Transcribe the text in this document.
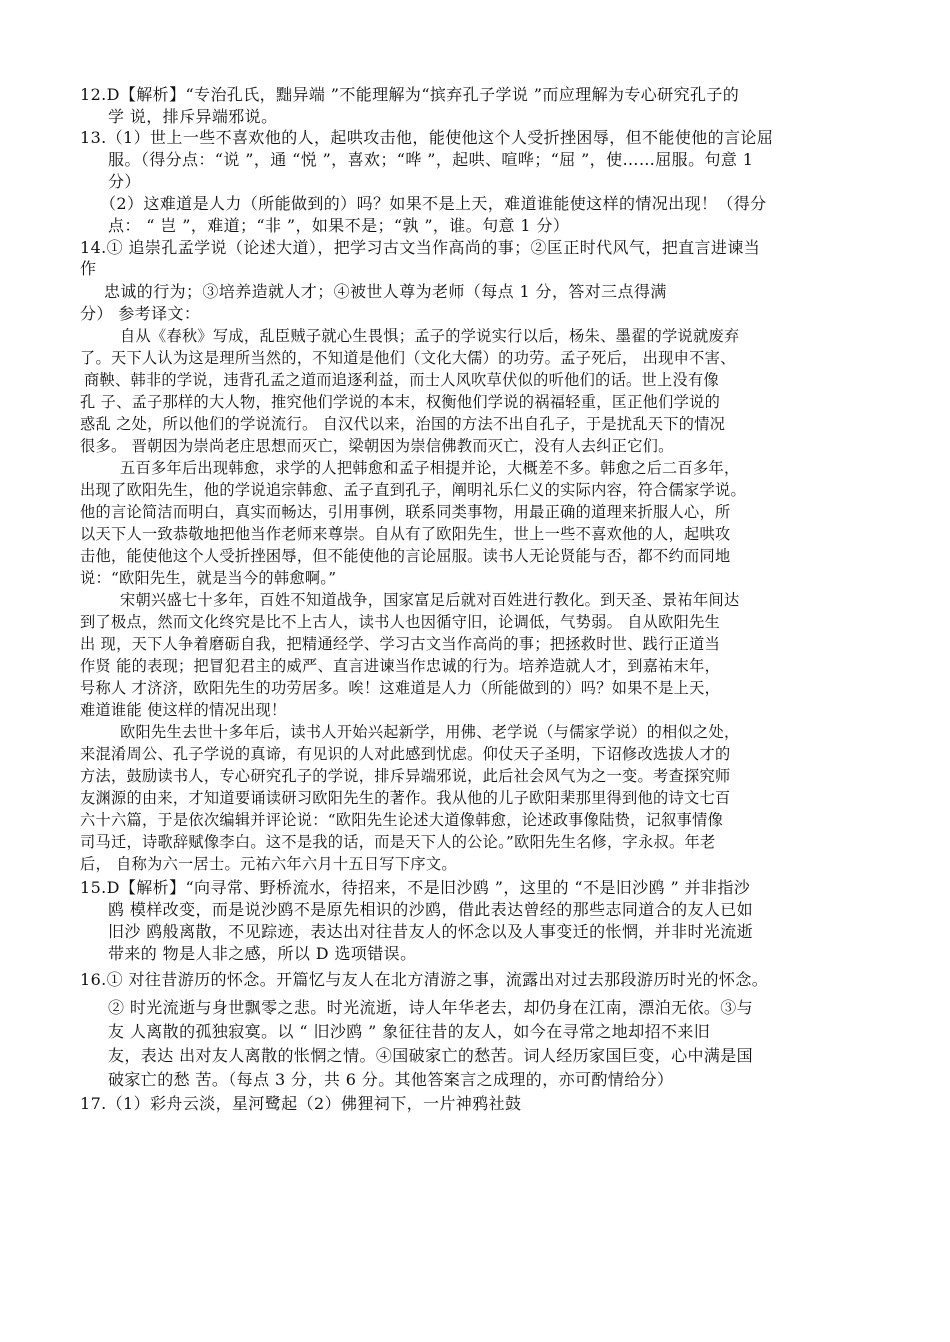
12.D【解析】“专治孔氏，黜异端 ”不能理解为“摈弃孔子学说 ”而应理解为专心研究孔子的
学 说，排斥异端邪说。
13.（1）世上一些不喜欢他的人，起哄攻击他，能使他这个人受折挫困辱，但不能使他的言论屈
服。（得分点：“说 ”，通 “悦 ”，喜欢；“哗 ”，起哄、喧哗；“屈 ”，使……屈服。句意 1
分）
（2）这难道是人力（所能做到的）吗？如果不是上天，难道谁能使这样的情况出现！（得分
点： “ 岂 ”，难道；“非 ”，如果不是；“孰 ”，谁。句意 1 分）
14.① 追崇孔孟学说（论述大道），把学习古文当作高尚的事；②匡正时代风气，把直言进谏当
作
忠诚的行为；③培养造就人才；④被世人尊为老师（每点 1 分，答对三点得满
分） 参考译文：
自从《春秋》写成，乱臣贼子就心生畏惧；孟子的学说实行以后，杨朱、墨翟的学说就废弃
了。天下人认为这是理所当然的，不知道是他们（文化大儒）的功劳。孟子死后， 出现申不害、
商鞅、韩非的学说，违背孔孟之道而追逐利益，而士人风吹草伏似的听他们的话。世上没有像
孔 子、孟子那样的大人物，推究他们学说的本末，权衡他们学说的祸福轻重，匡正他们学说的
惑乱 之处，所以他们的学说流行。 自汉代以来，治国的方法不出自孔子，于是扰乱天下的情况
很多。 晋朝因为崇尚老庄思想而灭亡，梁朝因为崇信佛教而灭亡，没有人去纠正它们。
五百多年后出现韩愈，求学的人把韩愈和孟子相提并论，大概差不多。韩愈之后二百多年，
出现了欧阳先生，他的学说追宗韩愈、孟子直到孔子，阐明礼乐仁义的实际内容，符合儒家学说。
他的言论简洁而明白，真实而畅达，引用事例，联系同类事物，用最正确的道理来折服人心，所
以天下人一致恭敬地把他当作老师来尊崇。自从有了欧阳先生，世上一些不喜欢他的人，起哄攻
击他，能使他这个人受折挫困辱，但不能使他的言论屈服。读书人无论贤能与否，都不约而同地
说：“欧阳先生，就是当今的韩愈啊。”
宋朝兴盛七十多年，百姓不知道战争，国家富足后就对百姓进行教化。到天圣、景祐年间达
到了极点，然而文化终究是比不上古人，读书人也因循守旧，论调低，气势弱。 自从欧阳先生
出 现，天下人争着磨砺自我，把精通经学、学习古文当作高尚的事；把拯救时世、践行正道当
作贤 能的表现；把冒犯君主的威严、直言进谏当作忠诚的行为。培养造就人才，到嘉祐末年，
号称人 才济济，欧阳先生的功劳居多。唉！这难道是人力（所能做到的）吗？如果不是上天，
难道谁能 使这样的情况出现！
欧阳先生去世十多年后，读书人开始兴起新学，用佛、老学说（与儒家学说）的相似之处，
来混淆周公、孔子学说的真谛，有见识的人对此感到忧虑。仰仗天子圣明，下诏修改选拔人才的
方法，鼓励读书人，专心研究孔子的学说，排斥异端邪说，此后社会风气为之一变。考查探究师
友渊源的由来，才知道要诵读研习欧阳先生的著作。我从他的儿子欧阳棐那里得到他的诗文七百
六十六篇，于是依次编辑并评论说：“欧阳先生论述大道像韩愈，论述政事像陆贽，记叙事情像
司马迁，诗歌辞赋像李白。这不是我的话，而是天下人的公论。”欧阳先生名修，字永叔。年老
后， 自称为六一居士。元祐六年六月十五日写下序文。
15.D【解析】“向寻常、野桥流水，待招来，不是旧沙鸥 ”，这里的 “不是旧沙鸥 ” 并非指沙
鸥 模样改变，而是说沙鸥不是原先相识的沙鸥，借此表达曾经的那些志同道合的友人已如
旧沙 鸥般离散，不见踪迹，表达出对往昔友人的怀念以及人事变迁的怅惘，并非时光流逝
带来的 物是人非之感，所以 D 选项错误。
16.① 对往昔游历的怀念。开篇忆与友人在北方清游之事，流露出对过去那段游历时光的怀念。
② 时光流逝与身世飘零之悲。时光流逝，诗人年华老去，却仍身在江南，漂泊无依。③与
友 人离散的孤独寂寞。以 “ 旧沙鸥 ” 象征往昔的友人，如今在寻常之地却招不来旧
友，表达 出对友人离散的怅惘之情。④国破家亡的愁苦。词人经历家国巨变，心中满是国
破家亡的愁 苦。（每点 3 分，共 6 分。其他答案言之成理的，亦可酌情给分）
17.（1）彩舟云淡，星河鹭起（2）佛狸祠下，一片神鸦社鼓
